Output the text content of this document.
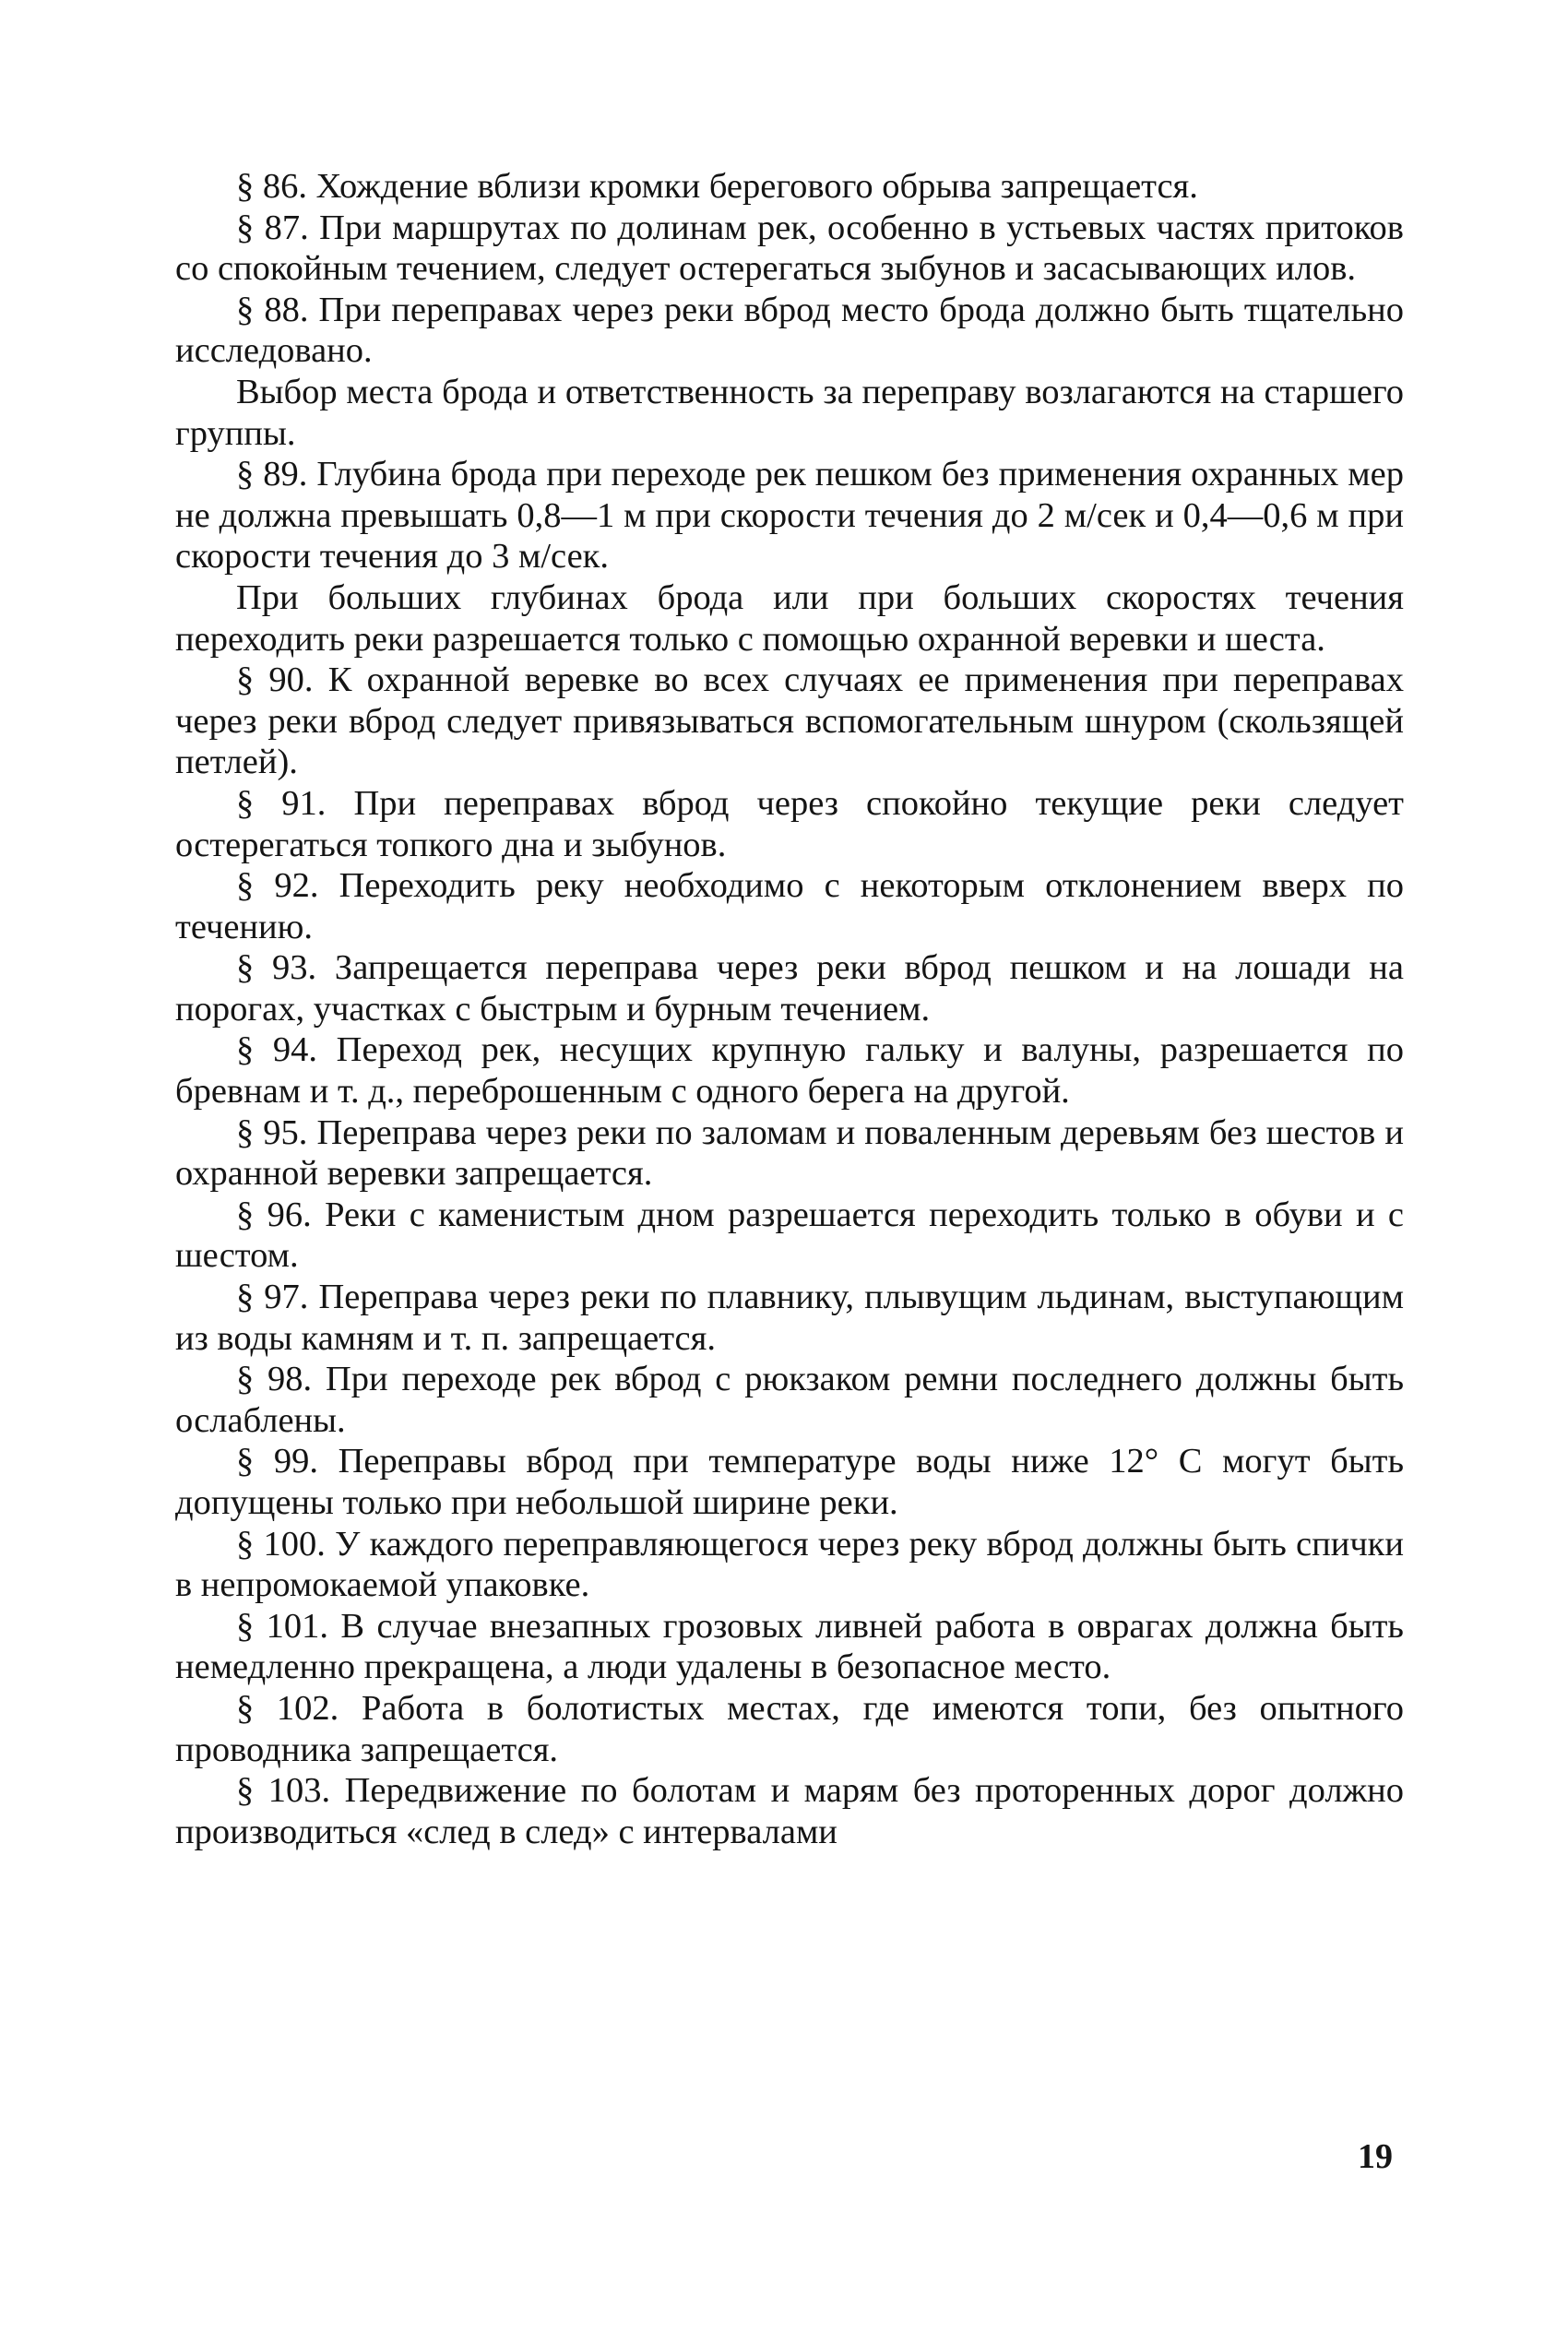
§ 86. Хождение вблизи кромки берегового обрыва запрещается.

§ 87. При маршрутах по долинам рек, особенно в устьевых частях притоков со спокойным течением, следует остерегаться зыбунов и засасывающих илов.

§ 88. При переправах через реки вброд место брода должно быть тщательно исследовано.

Выбор места брода и ответственность за переправу возлагаются на старшего группы.

§ 89. Глубина брода при переходе рек пешком без применения охранных мер не должна превышать 0,8—1 м при скорости течения до 2 м/сек и 0,4—0,6 м при скорости течения до 3 м/сек.

При больших глубинах брода или при больших скоростях течения переходить реки разрешается только с помощью охранной веревки и шеста.

§ 90. К охранной веревке во всех случаях ее применения при переправах через реки вброд следует привязываться вспомогательным шнуром (скользящей петлей).

§ 91. При переправах вброд через спокойно текущие реки следует остерегаться топкого дна и зыбунов.

§ 92. Переходить реку необходимо с некоторым отклонением вверх по течению.

§ 93. Запрещается переправа через реки вброд пешком и на лошади на порогах, участках с быстрым и бурным течением.

§ 94. Переход рек, несущих крупную гальку и валуны, разрешается по бревнам и т. д., переброшенным с одного берега на другой.

§ 95. Переправа через реки по заломам и поваленным деревьям без шестов и охранной веревки запрещается.

§ 96. Реки с каменистым дном разрешается переходить только в обуви и с шестом.

§ 97. Переправа через реки по плавнику, плывущим льдинам, выступающим из воды камням и т. п. запрещается.

§ 98. При переходе рек вброд с рюкзаком ремни последнего должны быть ослаблены.

§ 99. Переправы вброд при температуре воды ниже 12° С могут быть допущены только при небольшой ширине реки.

§ 100. У каждого переправляющегося через реку вброд должны быть спички в непромокаемой упаковке.

§ 101. В случае внезапных грозовых ливней работа в оврагах должна быть немедленно прекращена, а люди удалены в безопасное место.

§ 102. Работа в болотистых местах, где имеются топи, без опытного проводника запрещается.

§ 103. Передвижение по болотам и марям без проторенных дорог должно производиться «след в след» с интервалами

19
